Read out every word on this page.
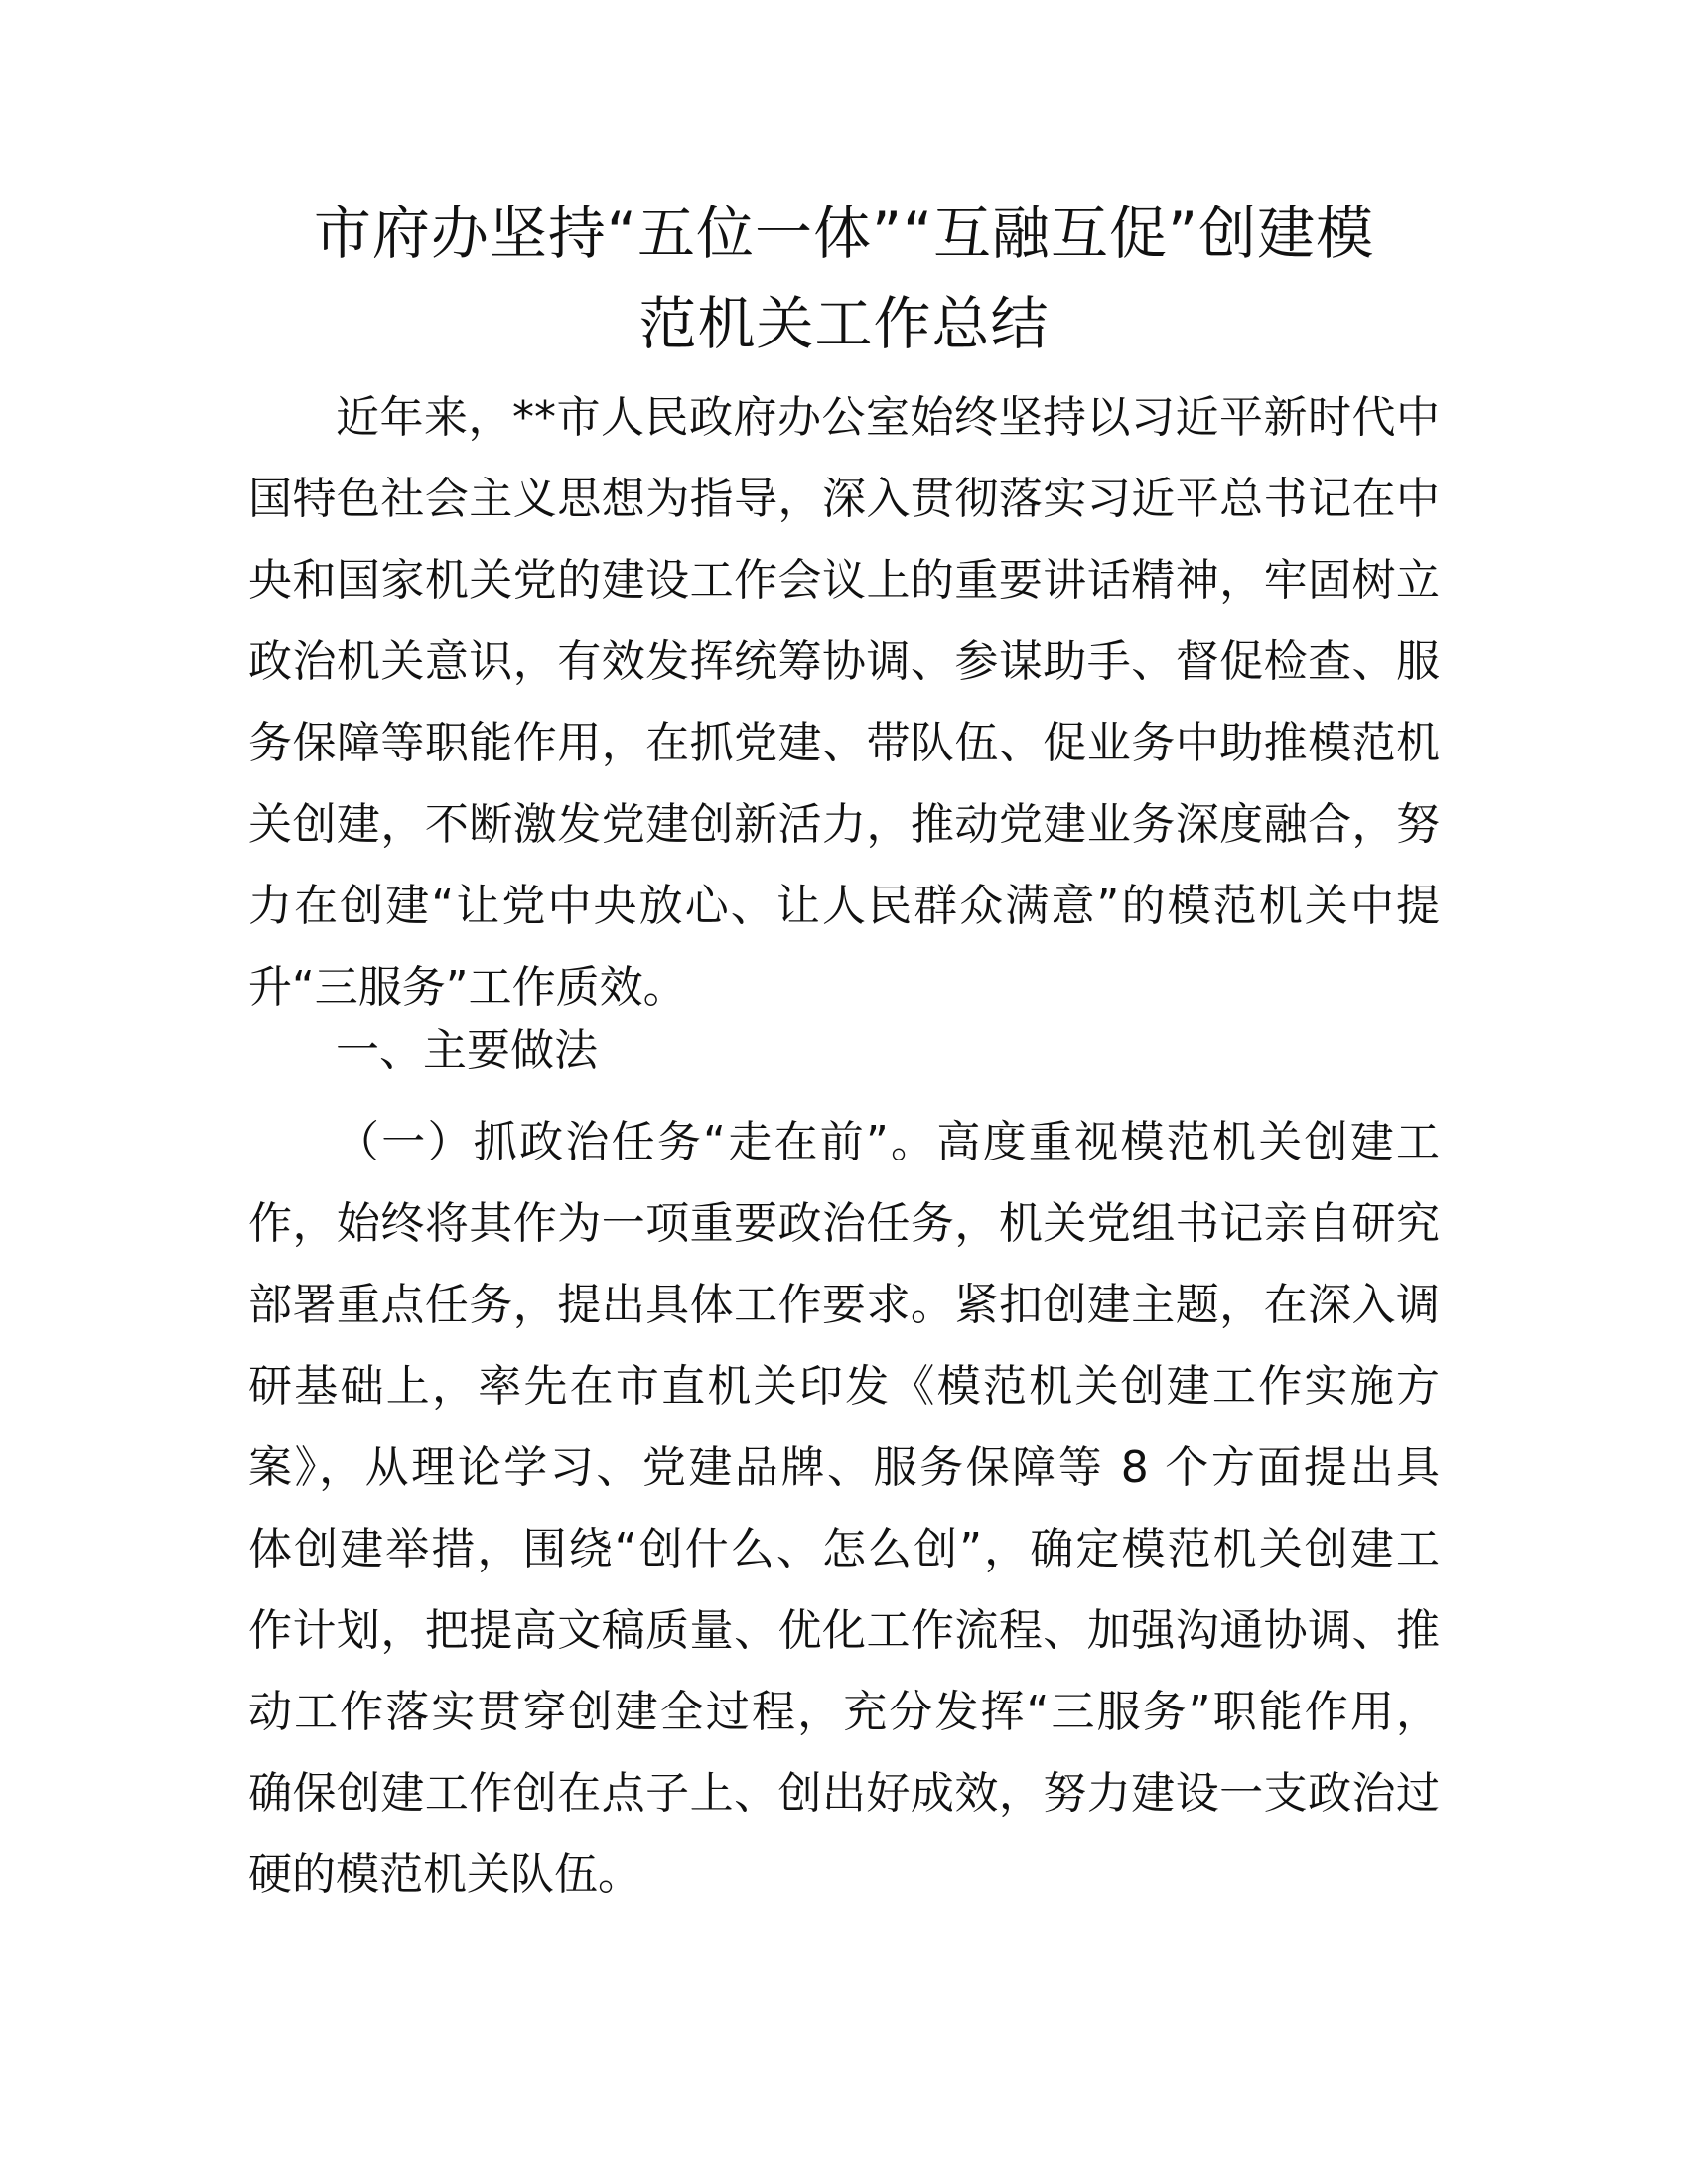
市府办坚持“五位一体”“互融互促”创建模
范机关工作总结

近年来，**市人民政府办公室始终坚持以习近平新时代中
国特色社会主义思想为指导，深入贯彻落实习近平总书记在中
央和国家机关党的建设工作会议上的重要讲话精神，牢固树立
政治机关意识，有效发挥统筹协调、参谋助手、督促检查、服
务保障等职能作用，在抓党建、带队伍、促业务中助推模范机
关创建，不断激发党建创新活力，推动党建业务深度融合，努
力在创建“让党中央放心、让人民群众满意”的模范机关中提
升“三服务”工作质效。

一、主要做法

（一）抓政治任务“走在前”。高度重视模范机关创建工
作，始终将其作为一项重要政治任务，机关党组书记亲自研究
部署重点任务，提出具体工作要求。紧扣创建主题，在深入调
研基础上，率先在市直机关印发《模范机关创建工作实施方
案》，从理论学习、党建品牌、服务保障等 8 个方面提出具
体创建举措，围绕“创什么、怎么创”，确定模范机关创建工
作计划，把提高文稿质量、优化工作流程、加强沟通协调、推
动工作落实贯穿创建全过程，充分发挥“三服务”职能作用，
确保创建工作创在点子上、创出好成效，努力建设一支政治过
硬的模范机关队伍。
